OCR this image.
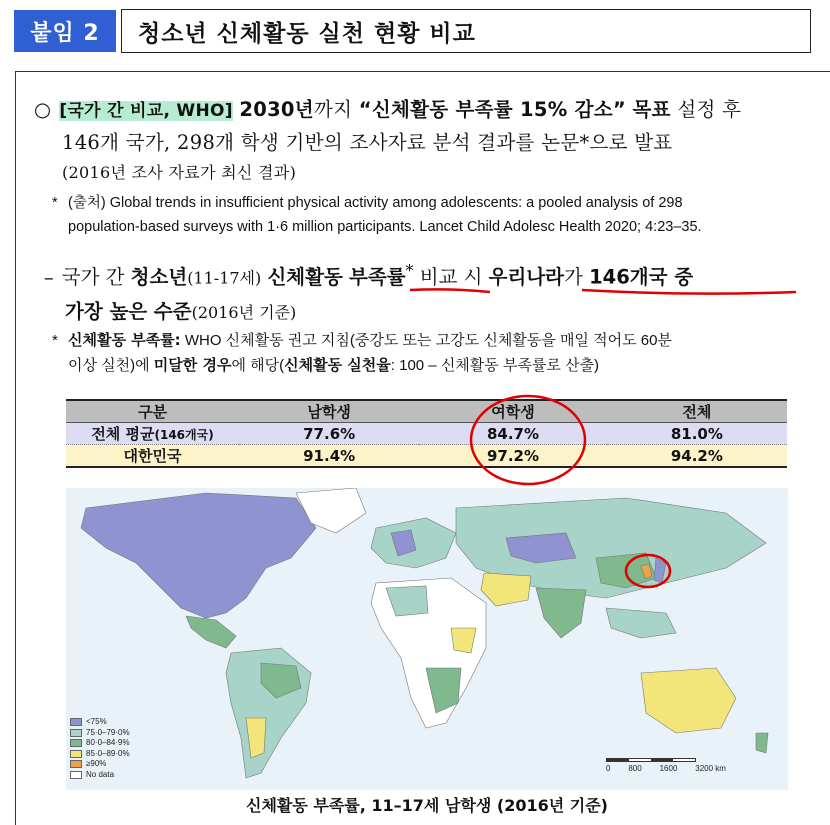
붙임 2	청소년 신체활동 실천 현황 비교
○ [국가 간 비교, WHO] 2030년까지 “신체활동 부족률 15% 감소” 목표 설정 후
146개 국가, 298개 학생 기반의 조사자료 분석 결과를 논문*으로 발표
(2016년 조사 자료가 최신 결과)
* (출처) Global trends in insufficient physical activity among adolescents: a pooled analysis of 298
population-based surveys with 1·6 million participants. Lancet Child Adolesc Health 2020; 4:23–35.
– 국가 간 청소년(11-17세) 신체활동 부족률* 비교 시 우리나라가 146개국 중
가장 높은 수준(2016년 기준)
* 신체활동 부족률: WHO 신체활동 권고 지침(중강도 또는 고강도 신체활동을 매일 적어도 60분
이상 실천)에 미달한 경우에 해당(신체활동 실천율: 100 – 신체활동 부족률로 산출)
구분	남학생	여학생	전체
전체 평균(146개국)	77.6%	84.7%	81.0%
대한민국	91.4%	97.2%	94.2%
<75%
75·0–79·0%
80·0–84·9%
85·0–89·0%
≥90%
No data
0 800 1600 3200 km
신체활동 부족률, 11–17세 남학생 (2016년 기준)
